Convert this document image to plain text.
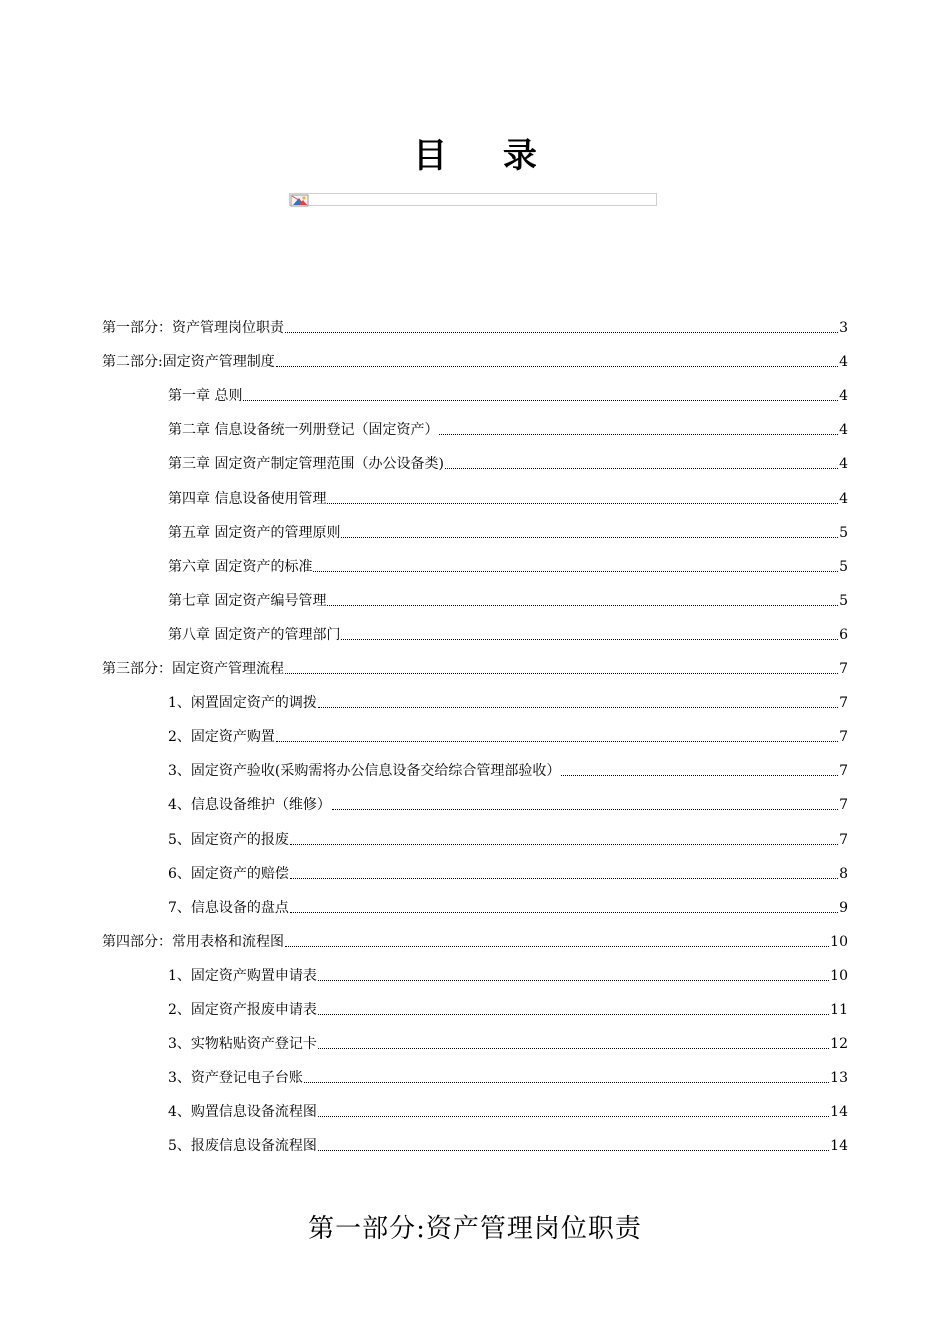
目 录
第一部分：资产管理岗位职责	3
第二部分:固定资产管理制度	4
第一章 总则	4
第二章 信息设备统一列册登记（固定资产）	4
第三章 固定资产制定管理范围（办公设备类)	4
第四章 信息设备使用管理	4
第五章 固定资产的管理原则	5
第六章 固定资产的标准	5
第七章 固定资产编号管理	5
第八章 固定资产的管理部门	6
第三部分：固定资产管理流程	7
1、闲置固定资产的调拨	7
2、固定资产购置	7
3、固定资产验收(采购需将办公信息设备交给综合管理部验收）	7
4、信息设备维护（维修）	7
5、固定资产的报废	7
6、固定资产的赔偿	8
7、信息设备的盘点	9
第四部分：常用表格和流程图	10
1、固定资产购置申请表	10
2、固定资产报废申请表	11
3、实物粘贴资产登记卡	12
3、资产登记电子台账	13
4、购置信息设备流程图	14
5、报废信息设备流程图	14
第一部分:资产管理岗位职责
